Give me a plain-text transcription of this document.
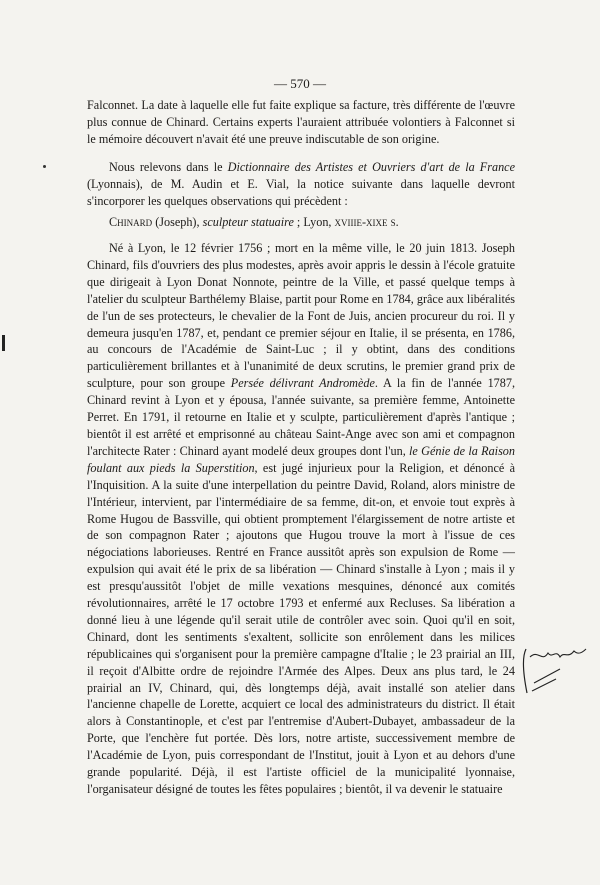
— 570 —

Falconnet. La date à laquelle elle fut faite explique sa facture, très différente de l'œuvre plus connue de Chinard. Certains experts l'auraient attribuée volontiers à Falconnet si le mémoire découvert n'avait été une preuve indiscutable de son origine.

Nous relevons dans le Dictionnaire des Artistes et Ouvriers d'art de la France (Lyonnais), de M. Audin et E. Vial, la notice suivante dans laquelle devront s'incorporer les quelques observations qui précèdent :

Chinard (Joseph), sculpteur statuaire ; Lyon, xviiie-xixe s.

Né à Lyon, le 12 février 1756 ; mort en la même ville, le 20 juin 1813. Joseph Chinard, fils d'ouvriers des plus modestes, après avoir appris le dessin à l'école gratuite que dirigeait à Lyon Donat Nonnote, peintre de la Ville, et passé quelque temps à l'atelier du sculpteur Barthélemy Blaise, partit pour Rome en 1784, grâce aux libéralités de l'un de ses protecteurs, le chevalier de la Font de Juis, ancien procureur du roi. Il y demeura jusqu'en 1787, et, pendant ce premier séjour en Italie, il se présenta, en 1786, au concours de l'Académie de Saint-Luc ; il y obtint, dans des conditions particulièrement brillantes et à l'unanimité de deux scrutins, le premier grand prix de sculpture, pour son groupe Persée délivrant Andromède. A la fin de l'année 1787, Chinard revint à Lyon et y épousa, l'année suivante, sa première femme, Antoinette Perret. En 1791, il retourne en Italie et y sculpte, particulièrement d'après l'antique ; bientôt il est arrêté et emprisonné au château Saint-Ange avec son ami et compagnon l'architecte Rater : Chinard ayant modelé deux groupes dont l'un, le Génie de la Raison foulant aux pieds la Superstition, est jugé injurieux pour la Religion, et dénoncé à l'Inquisition. A la suite d'une interpellation du peintre David, Roland, alors ministre de l'Intérieur, intervient, par l'intermédiaire de sa femme, dit-on, et envoie tout exprès à Rome Hugou de Bassville, qui obtient promptement l'élargissement de notre artiste et de son compagnon Rater ; ajoutons que Hugou trouve la mort à l'issue de ces négociations laborieuses. Rentré en France aussitôt après son expulsion de Rome — expulsion qui avait été le prix de sa libération — Chinard s'installe à Lyon ; mais il y est presqu'aussitôt l'objet de mille vexations mesquines, dénoncé aux comités révolutionnaires, arrêté le 17 octobre 1793 et enfermé aux Recluses. Sa libération a donné lieu à une légende qu'il serait utile de contrôler avec soin. Quoi qu'il en soit, Chinard, dont les sentiments s'exaltent, sollicite son enrôlement dans les milices républicaines qui s'organisent pour la première campagne d'Italie ; le 23 prairial an III, il reçoit d'Albitte ordre de rejoindre l'Armée des Alpes. Deux ans plus tard, le 24 prairial an IV, Chinard, qui, dès longtemps déjà, avait installé son atelier dans l'ancienne chapelle de Lorette, acquiert ce local des administrateurs du district. Il était alors à Constantinople, et c'est par l'entremise d'Aubert-Dubayet, ambassadeur de la Porte, que l'enchère fut portée. Dès lors, notre artiste, successivement membre de l'Académie de Lyon, puis correspondant de l'Institut, jouit à Lyon et au dehors d'une grande popularité. Déjà, il est l'artiste officiel de la municipalité lyonnaise, l'organisateur désigné de toutes les fêtes populaires ; bientôt, il va devenir le statuaire
